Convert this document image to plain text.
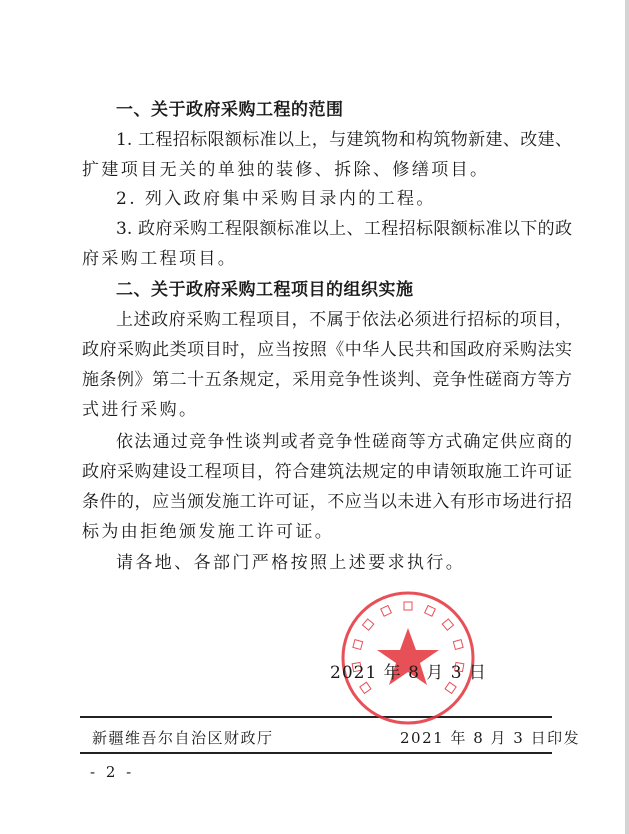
一、关于政府采购工程的范围
1. 工程招标限额标准以上，与建筑物和构筑物新建、改建、
扩建项目无关的单独的装修、拆除、修缮项目。
2. 列入政府集中采购目录内的工程。
3. 政府采购工程限额标准以上、工程招标限额标准以下的政
府采购工程项目。
二、关于政府采购工程项目的组织实施
上述政府采购工程项目，不属于依法必须进行招标的项目，
政府采购此类项目时，应当按照《中华人民共和国政府采购法实
施条例》第二十五条规定，采用竞争性谈判、竞争性磋商方等方
式进行采购。
依法通过竞争性谈判或者竞争性磋商等方式确定供应商的
政府采购建设工程项目，符合建筑法规定的申请领取施工许可证
条件的，应当颁发施工许可证，不应当以未进入有形市场进行招
标为由拒绝颁发施工许可证。
请各地、各部门严格按照上述要求执行。
2021 年 8 月 3 日
新疆维吾尔自治区财政厅	2021 年 8 月 3 日印发
- 2 -
